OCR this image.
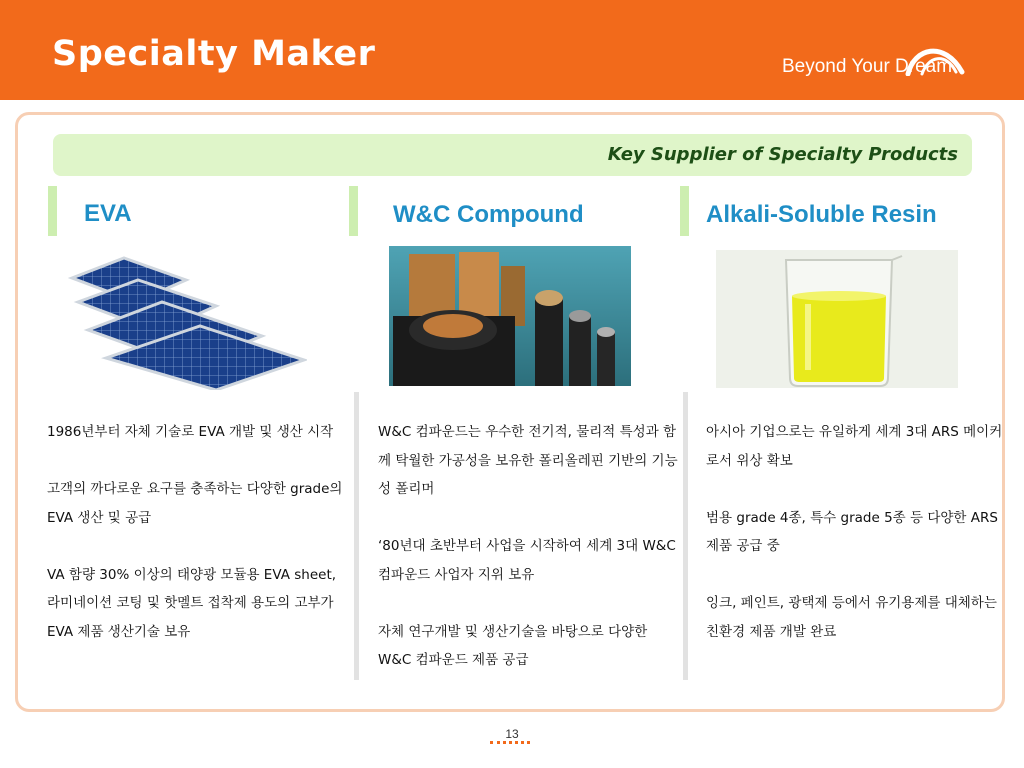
Specialty Maker	Beyond Your Dream
Key Supplier of Specialty Products
EVA

1986년부터 자체 기술로 EVA 개발 및 생산 시작

고객의 까다로운 요구를 충족하는 다양한 grade의 EVA 생산 및 공급

VA 함량 30% 이상의 태양광 모듈용 EVA sheet, 라미네이션 코팅 및 핫멜트 접착제 용도의 고부가 EVA 제품 생산기술 보유

W&C Compound

W&C 컴파운드는 우수한 전기적, 물리적 특성과 함께 탁월한 가공성을 보유한 폴리올레핀 기반의 기능성 폴리머

‘80년대 초반부터 사업을 시작하여 세계 3대 W&C 컴파운드 사업자 지위 보유

자체 연구개발 및 생산기술을 바탕으로 다양한 W&C 컴파운드 제품 공급

Alkali-Soluble Resin

아시아 기업으로는 유일하게 세계 3대 ARS 메이커로서 위상 확보

범용 grade 4종, 특수 grade 5종 등 다양한 ARS 제품 공급 중

잉크, 페인트, 광택제 등에서 유기용제를 대체하는 친환경 제품 개발 완료

13
